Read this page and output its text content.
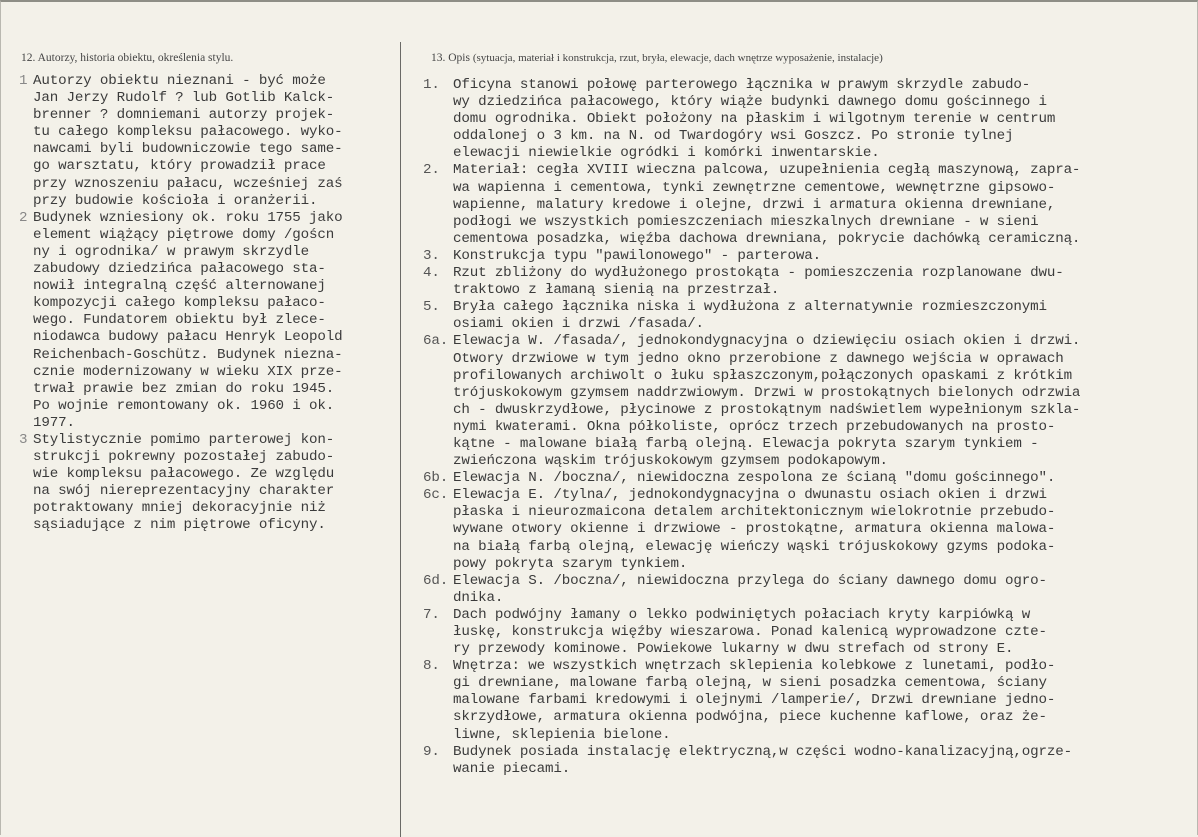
12. Autorzy, historia obiektu, określenia stylu.	13. Opis (sytuacja, materiał i konstrukcja, rzut, bryła, elewacje, dach wnętrze wyposażenie, instalacje)
1 Autorzy obiektu nieznani - być może
Jan Jerzy Rudolf ? lub Gotlib Kalck-
brenner ? domniemani autorzy projek-
tu całego kompleksu pałacowego. wyko-
nawcami byli budowniczowie tego same-
go warsztatu, który prowadził prace
przy wznoszeniu pałacu, wcześniej zaś
przy budowie kościoła i oranżerii.
2 Budynek wzniesiony ok. roku 1755 jako
element wiążący piętrowe domy /goścn
ny i ogrodnika/ w prawym skrzydle
zabudowy dziedzińca pałacowego sta-
nowił integralną część alternowanej
kompozycji całego kompleksu pałaco-
wego. Fundatorem obiektu był zlece-
niodawca budowy pałacu Henryk Leopold
Reichenbach-Goschütz. Budynek niezna-
cznie modernizowany w wieku XIX prze-
trwał prawie bez zmian do roku 1945.
Po wojnie remontowany ok. 1960 i ok.
1977.
3 Stylistycznie pomimo parterowej kon-
strukcji pokrewny pozostałej zabudo-
wie kompleksu pałacowego. Ze względu
na swój niereprezentacyjny charakter
potraktowany mniej dekoracyjnie niż
sąsiadujące z nim piętrowe oficyny.
1. Oficyna stanowi połowę parterowego łącznika w prawym skrzydle zabudo-
wy dziedzińca pałacowego, który wiąże budynki dawnego domu gościnnego i
domu ogrodnika. Obiekt położony na płaskim i wilgotnym terenie w centrum
oddalonej o 3 km. na N. od Twardogóry wsi Goszcz. Po stronie tylnej
elewacji niewielkie ogródki i komórki inwentarskie.
2. Materiał: cegła XVIII wieczna palcowa, uzupełnienia cegłą maszynową, zapra-
wa wapienna i cementowa, tynki zewnętrzne cementowe, wewnętrzne gipsowo-
wapienne, malatury kredowe i olejne, drzwi i armatura okienna drewniane,
podłogi we wszystkich pomieszczeniach mieszkalnych drewniane - w sieni
cementowa posadzka, więźba dachowa drewniana, pokrycie dachówką ceramiczną.
3. Konstrukcja typu "pawilonowego" - parterowa.
4. Rzut zbliżony do wydłużonego prostokąta - pomieszczenia rozplanowane dwu-
traktowo z łamaną sienią na przestrzał.
5. Bryła całego łącznika niska i wydłużona z alternatywnie rozmieszczonymi
osiami okien i drzwi /fasada/.
6a. Elewacja W. /fasada/, jednokondygnacyjna o dziewięciu osiach okien i drzwi.
Otwory drzwiowe w tym jedno okno przerobione z dawnego wejścia w oprawach
profilowanych archiwolt o łuku spłaszczonym,połączonych opaskami z krótkim
trójuskokowym gzymsem naddrzwiowym. Drzwi w prostokątnych bielonych odrzwia
ch - dwuskrzydłowe, płycinowe z prostokątnym nadświetlem wypełnionym szkla-
nymi kwaterami. Okna półkoliste, oprócz trzech przebudowanych na prosto-
kątne - malowane białą farbą olejną. Elewacja pokryta szarym tynkiem -
zwieńczona wąskim trójuskokowym gzymsem podokapowym.
6b. Elewacja N. /boczna/, niewidoczna zespolona ze ścianą "domu gościnnego".
6c. Elewacja E. /tylna/, jednokondygnacyjna o dwunastu osiach okien i drzwi
płaska i nieurozmaicona detalem architektonicznym wielokrotnie przebudo-
wywane otwory okienne i drzwiowe - prostokątne, armatura okienna malowa-
na białą farbą olejną, elewację wieńczy wąski trójuskokowy gzyms podoka-
powy pokryta szarym tynkiem.
6d. Elewacja S. /boczna/, niewidoczna przylega do ściany dawnego domu ogro-
dnika.
7. Dach podwójny łamany o lekko podwiniętych połaciach kryty karpiówką w
łuskę, konstrukcja więźby wieszarowa. Ponad kalenicą wyprowadzone czte-
ry przewody kominowe. Powiekowe lukarny w dwu strefach od strony E.
8. Wnętrza: we wszystkich wnętrzach sklepienia kolebkowe z lunetami, podło-
gi drewniane, malowane farbą olejną, w sieni posadzka cementowa, ściany
malowane farbami kredowymi i olejnymi /lamperie/, Drzwi drewniane jedno-
skrzydłowe, armatura okienna podwójna, piece kuchenne kaflowe, oraz że-
liwne, sklepienia bielone.
9. Budynek posiada instalację elektryczną,w części wodno-kanalizacyjną,ogrze-
wanie piecami.
